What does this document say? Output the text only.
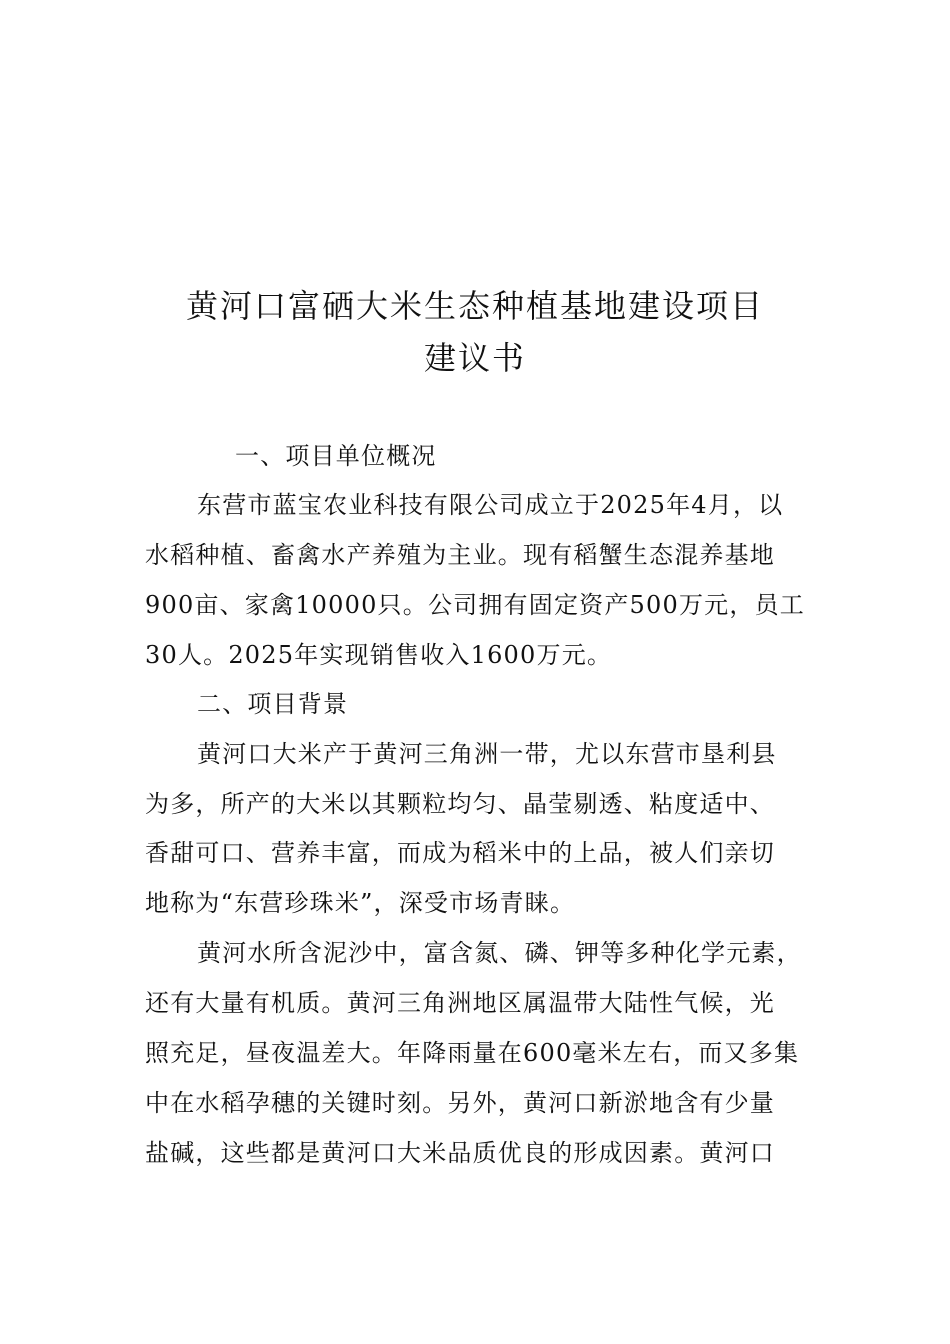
黄河口富硒大米生态种植基地建设项目
建议书
一、项目单位概况
东营市蓝宝农业科技有限公司成立于2025年4月，以
水稻种植、畜禽水产养殖为主业。现有稻蟹生态混养基地
900亩、家禽10000只。公司拥有固定资产500万元，员工
30人。2025年实现销售收入1600万元。
二、项目背景
黄河口大米产于黄河三角洲一带，尤以东营市垦利县
为多，所产的大米以其颗粒均匀、晶莹剔透、粘度适中、
香甜可口、营养丰富，而成为稻米中的上品，被人们亲切
地称为“东营珍珠米”，深受市场青睐。
黄河水所含泥沙中，富含氮、磷、钾等多种化学元素，
还有大量有机质。黄河三角洲地区属温带大陆性气候，光
照充足，昼夜温差大。年降雨量在600毫米左右，而又多集
中在水稻孕穗的关键时刻。另外，黄河口新淤地含有少量
盐碱，这些都是黄河口大米品质优良的形成因素。黄河口
